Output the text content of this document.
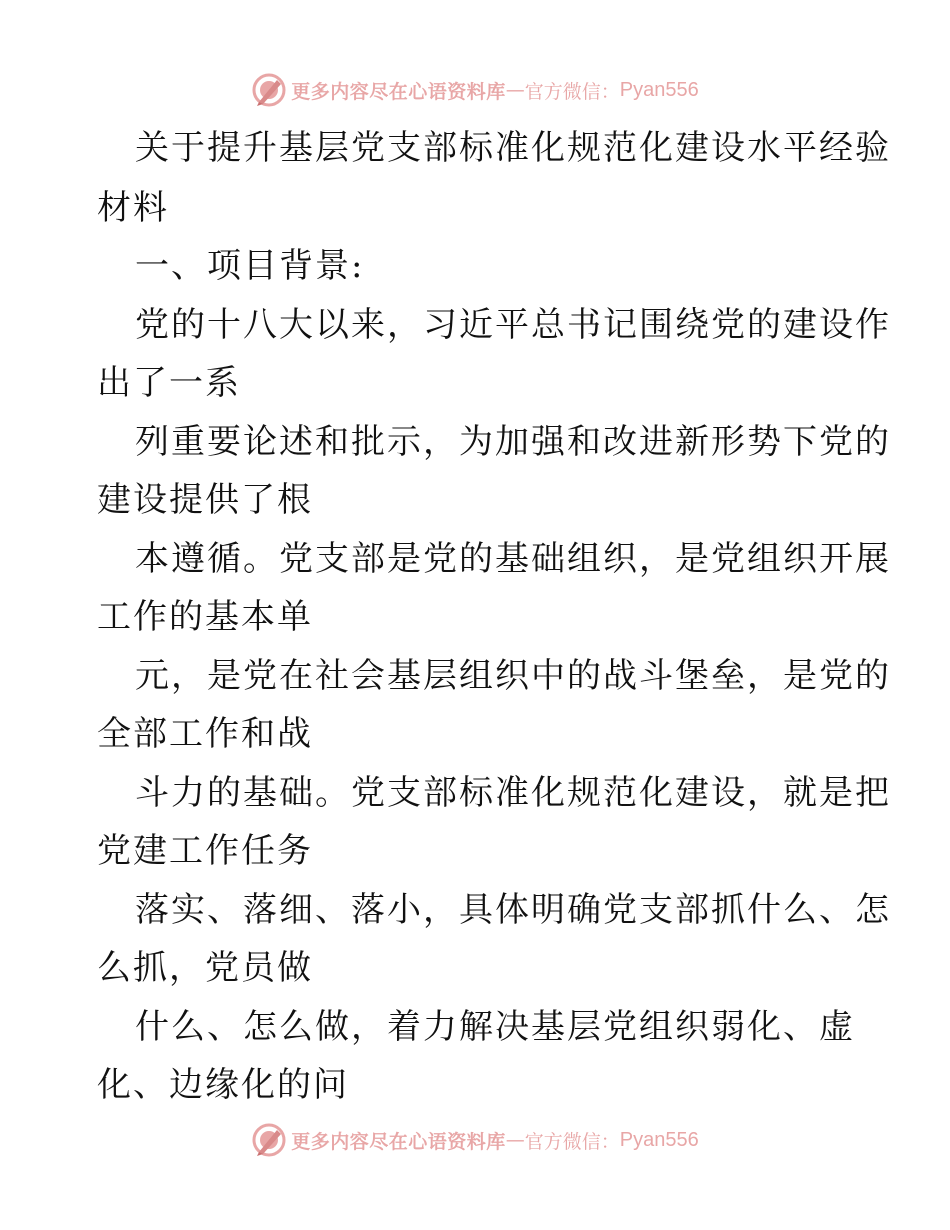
更多内容尽在心语资料库 — 官方微信： Pyan556
关于提升基层党支部标准化规范化建设水平经验
材料
一、项目背景:
党的十八大以来，习近平总书记围绕党的建设作
出了一系
列重要论述和批示，为加强和改进新形势下党的
建设提供了根
本遵循。党支部是党的基础组织，是党组织开展
工作的基本单
元，是党在社会基层组织中的战斗堡垒，是党的
全部工作和战
斗力的基础。党支部标准化规范化建设，就是把
党建工作任务
落实、落细、落小，具体明确党支部抓什么、怎
么抓，党员做
什么、怎么做，着力解决基层党组织弱化、虚
化、边缘化的问
更多内容尽在心语资料库 — 官方微信： Pyan556
